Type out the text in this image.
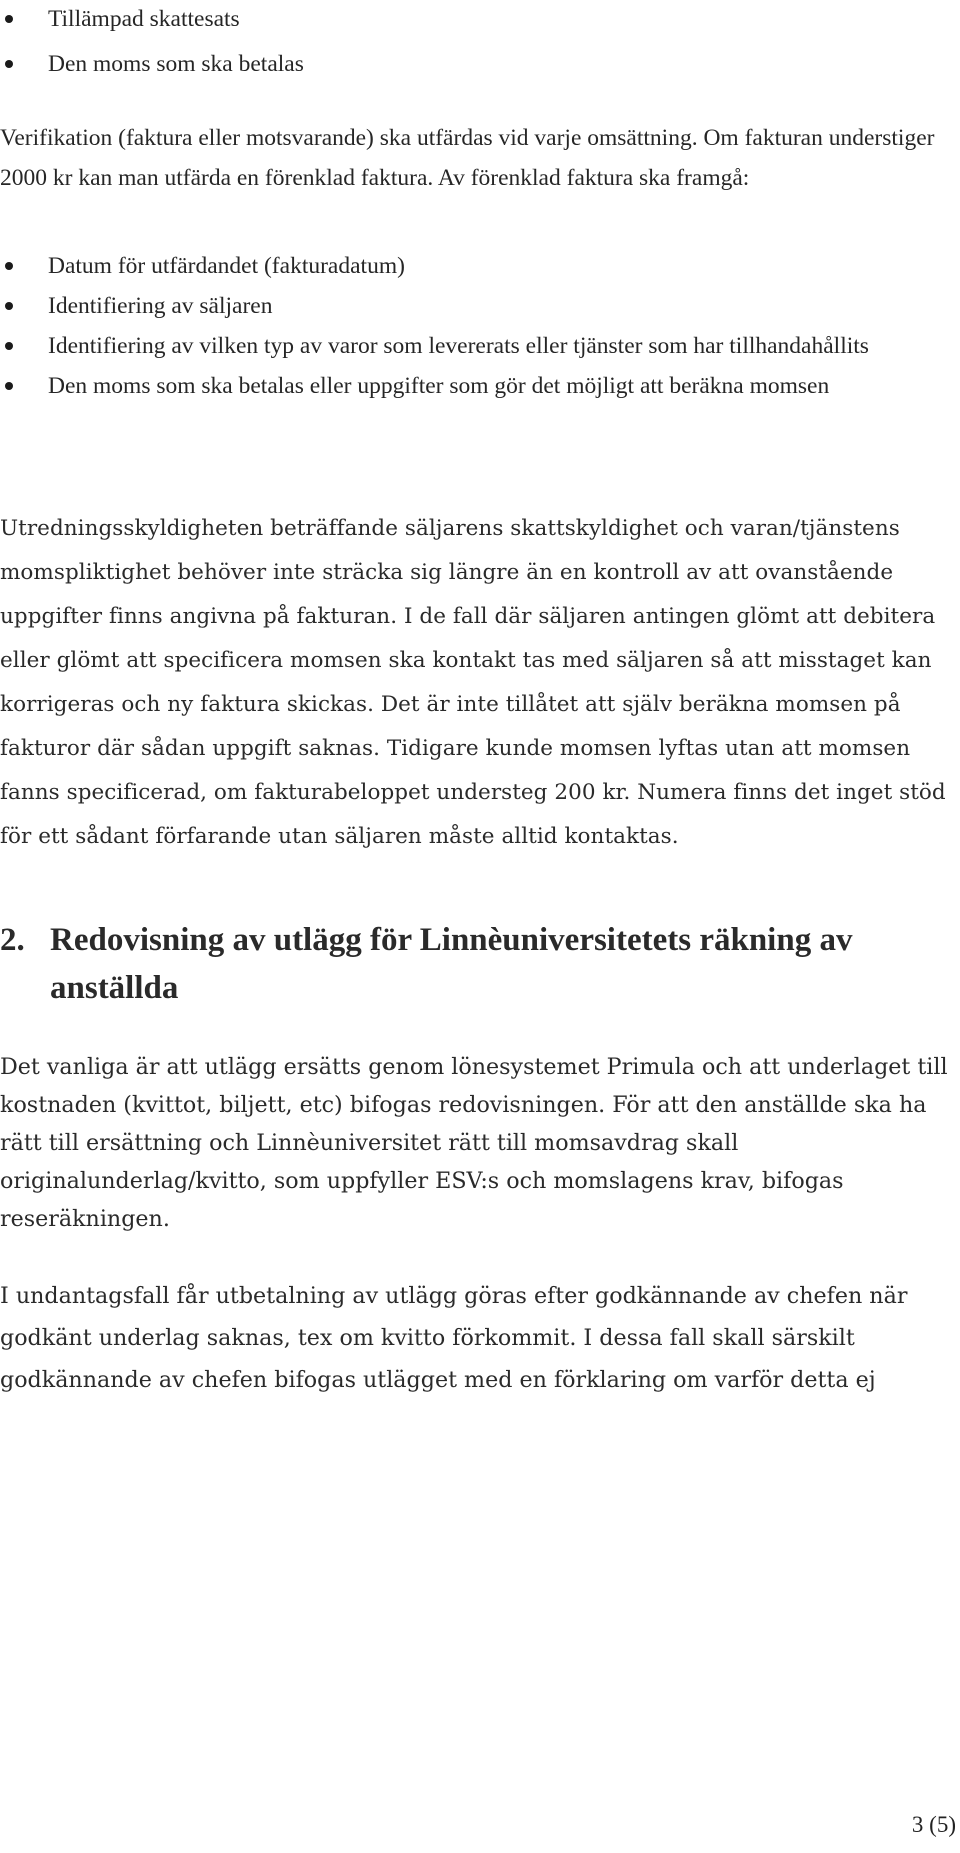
Tillämpad skattesats
Den moms som ska betalas

Verifikation (faktura eller motsvarande) ska utfärdas vid varje omsättning. Om fakturan understiger 2000 kr kan man utfärda en förenklad faktura. Av förenklad faktura ska framgå:

Datum för utfärdandet (fakturadatum)
Identifiering av säljaren
Identifiering av vilken typ av varor som levererats eller tjänster som har tillhandahållits
Den moms som ska betalas eller uppgifter som gör det möjligt att beräkna momsen

Utredningsskyldigheten beträffande säljarens skattskyldighet och varan/tjänstens momspliktighet behöver inte sträcka sig längre än en kontroll av att ovanstående uppgifter finns angivna på fakturan. I de fall där säljaren antingen glömt att debitera eller glömt att specificera momsen ska kontakt tas med säljaren så att misstaget kan korrigeras och ny faktura skickas. Det är inte tillåtet att själv beräkna momsen på fakturor där sådan uppgift saknas. Tidigare kunde momsen lyftas utan att momsen fanns specificerad, om fakturabeloppet understeg 200 kr. Numera finns det inget stöd för ett sådant förfarande utan säljaren måste alltid kontaktas.

2. Redovisning av utlägg för Linnèuniversitetets räkning av anställda

Det vanliga är att utlägg ersätts genom lönesystemet Primula och att underlaget till kostnaden (kvittot, biljett, etc) bifogas redovisningen. För att den anställde ska ha rätt till ersättning och Linnèuniversitet rätt till momsavdrag skall originalunderlag/kvitto, som uppfyller ESV:s och momslagens krav, bifogas reseräkningen.

I undantagsfall får utbetalning av utlägg göras efter godkännande av chefen när godkänt underlag saknas, tex om kvitto förkommit. I dessa fall skall särskilt godkännande av chefen bifogas utlägget med en förklaring om varför detta ej

3 (5)
